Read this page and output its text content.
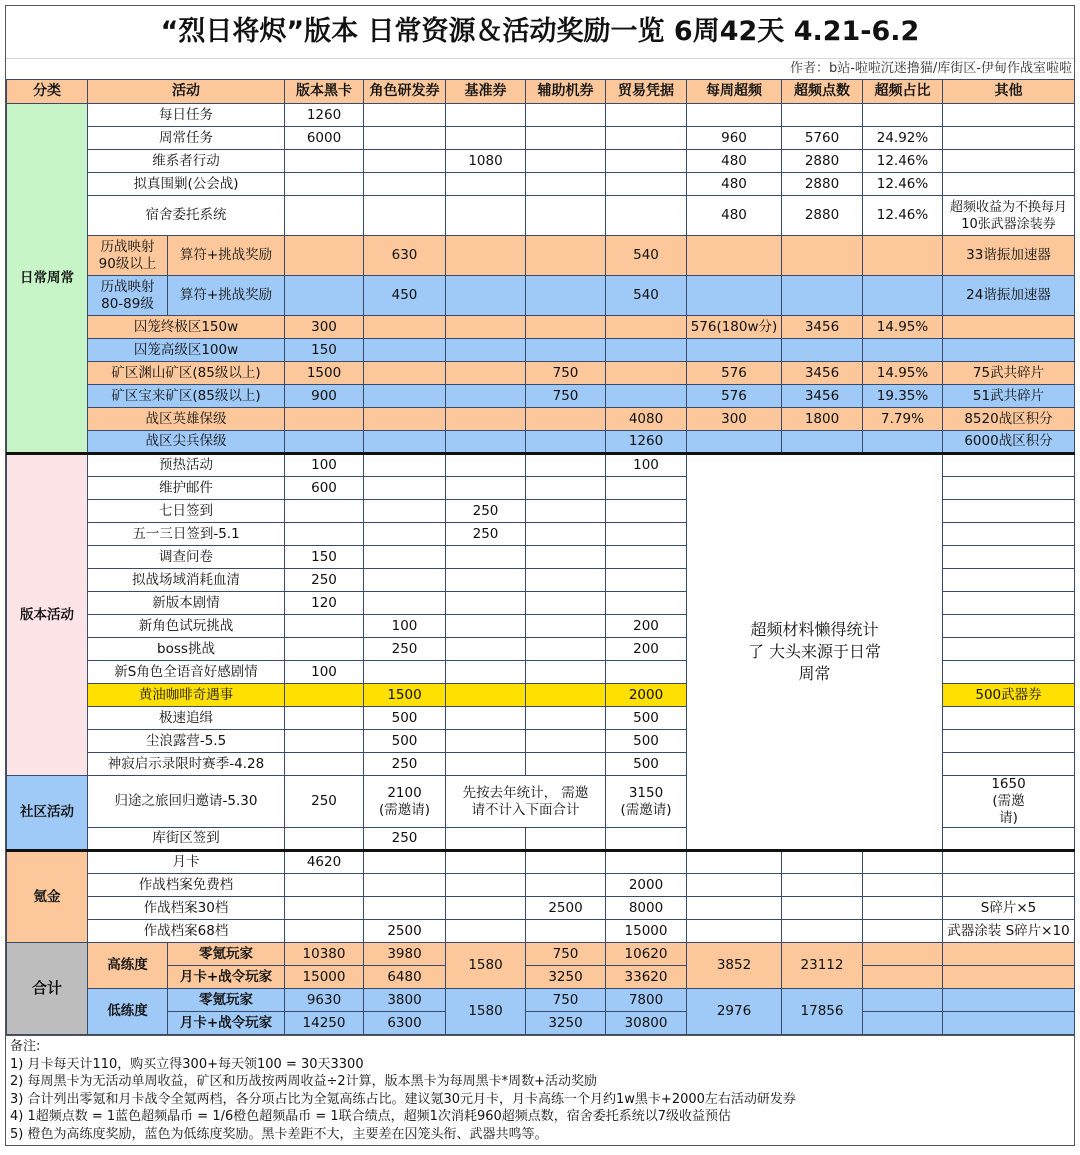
“烈日将烬”版本 日常资源＆活动奖励一览 6周42天 4.21-6.2
作者：b站-啦啦沉迷撸猫/库街区-伊甸作战室啦啦
分类	活动		版本黑卡	角色研发券	基准券	辅助机券	贸易凭据	每周超频	超频点数	超频占比	其他
日常周常	每日任务		1260								
	周常任务		6000					960	5760	24.92%	
	维系者行动				1080			480	2880	12.46%	
	拟真围剿(公会战)							480	2880	12.46%	
	宿舍委托系统							480	2880	12.46%	超频收益为不换每月10张武器涂装券
	历战映射 90级以上	算符+挑战奖励		630			540				33谐振加速器
	历战映射 80-89级	算符+挑战奖励		450			540				24谐振加速器
	囚笼终极区150w		300					576(180w分)	3456	14.95%	
	囚笼高级区100w		150								
	矿区渊山矿区(85级以上)		1500			750		576	3456	14.95%	75武共碎片
	矿区宝来矿区(85级以上)		900			750		576	3456	19.35%	51武共碎片
	战区英雄保级						4080	300	1800	7.79%	8520战区积分
	战区尖兵保级						1260				6000战区积分
版本活动	预热活动		100				100	超频材料懒得统计了 大头来源于日常周常			
	维护邮件		600								
	七日签到				250						
	五一三日签到-5.1				250						
	调查问卷		150								
	拟战场域消耗血清		250								
	新版本剧情		120								
	新角色试玩挑战			100			200				
	boss挑战			250			200				
	新S角色全语音好感剧情		100								
	黄油咖啡奇遇事			1500			2000				500武器券
	极速追缉			500			500				
	尘浪露营-5.5			500			500				
	神寂启示录限时赛季-4.28			250			500				
社区活动	归途之旅回归邀请-5.30		250	2100 (需邀请)	先按去年统计， 需邀请不计入下面合计		3150 (需邀请)				1650 (需邀请)
	库街区签到			250							
氪金	月卡		4620								
	作战档案免费档						2000				
	作战档案30档					2500	8000				S碎片×5
	作战档案68档			2500			15000				武器涂装 S碎片×10
合计	高练度	零氪玩家	10380	3980	1580	750	10620	3852	23112		
		月卡+战令玩家	15000	6480		3250	33620				
	低练度	零氪玩家	9630	3800	1580	750	7800	2976	17856		
		月卡+战令玩家	14250	6300		3250	30800				
备注:
1) 月卡每天计110，购买立得300+每天领100 = 30天3300
2) 每周黑卡为无活动单周收益，矿区和历战按两周收益÷2计算，版本黑卡为每周黑卡*周数+活动奖励
3) 合计列出零氪和月卡战令全氪两档，各分项占比为全氪高练占比。建议氪30元月卡，月卡高练一个月约1w黑卡+2000左右活动研发券
4) 1超频点数 = 1蓝色超频晶币 = 1/6橙色超频晶币 = 1联合绩点，超频1次消耗960超频点数，宿舍委托系统以7级收益预估
5) 橙色为高练度奖励，蓝色为低练度奖励。黑卡差距不大，主要差在囚笼头衔、武器共鸣等。
